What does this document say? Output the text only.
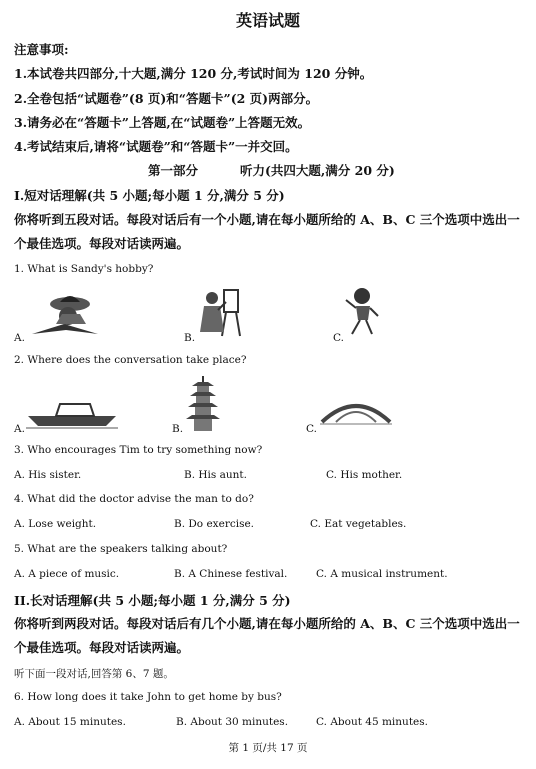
英语试题
注意事项:
1.本试卷共四部分,十大题,满分 120 分,考试时间为 120 分钟。
2.全卷包括“试题卷”(8 页)和“答题卡”(2 页)两部分。
3.请务必在“答题卡”上答题,在“试题卷”上答题无效。
4.考试结束后,请将“试题卷”和“答题卡”一并交回。
第一部分	听力(共四大题,满分 20 分)
I.短对话理解(共 5 小题;每小题 1 分,满分 5 分)
你将听到五段对话。每段对话后有一个小题,请在每小题所给的 A、B、C 三个选项中选出一个最佳选项。每段对话读两遍。
1. What is Sandy's hobby?
A.	B.	C.
2. Where does the conversation take place?
A.	B.	C.
3. Who encourages Tim to try something now?
A. His sister.	B. His aunt.	C. His mother.
4. What did the doctor advise the man to do?
A. Lose weight.	B. Do exercise.	C. Eat vegetables.
5. What are the speakers talking about?
A. A piece of music.	B. A Chinese festival.	C. A musical instrument.
II.长对话理解(共 5 小题;每小题 1 分,满分 5 分)
你将听到两段对话。每段对话后有几个小题,请在每小题所给的 A、B、C 三个选项中选出一个最佳选项。每段对话读两遍。
听下面一段对话,回答第 6、7 题。
6. How long does it take John to get home by bus?
A. About 15 minutes.	B. About 30 minutes.	C. About 45 minutes.
第 1 页/共 17 页
